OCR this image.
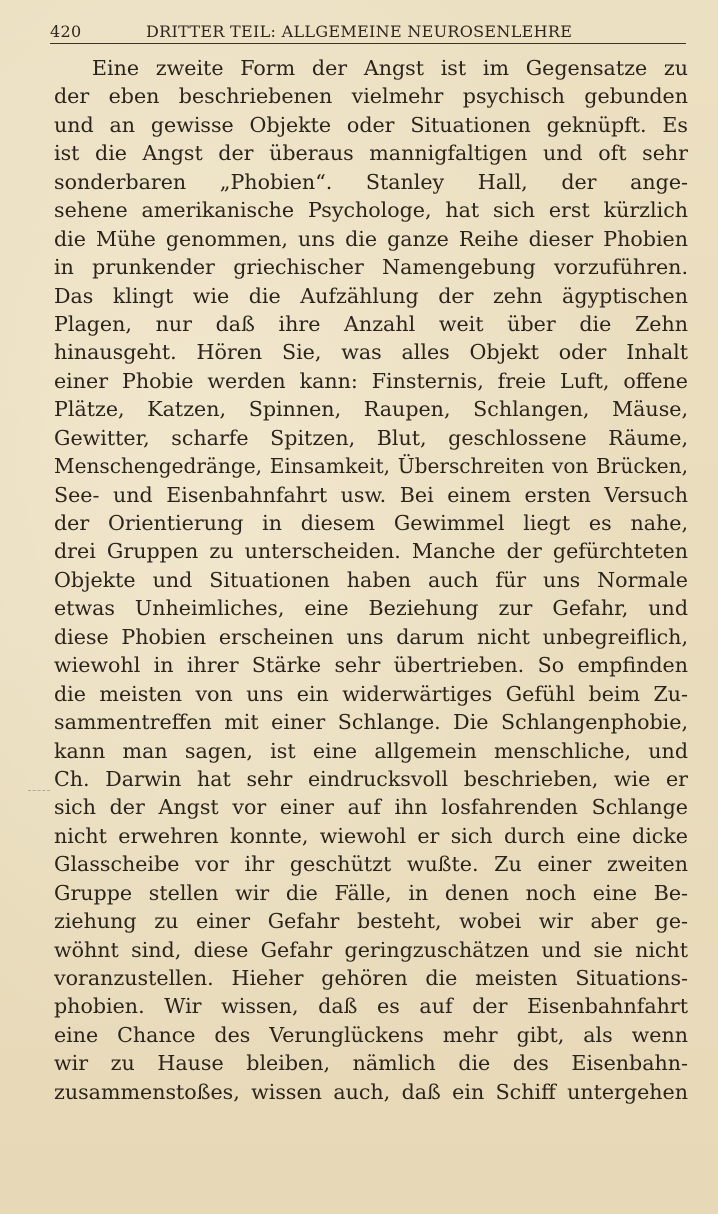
420	DRITTER TEIL: ALLGEMEINE NEUROSENLEHRE
Eine zweite Form der Angst ist im Gegensatze zu
der eben beschriebenen vielmehr psychisch gebunden
und an gewisse Objekte oder Situationen geknüpft. Es
ist die Angst der überaus mannigfaltigen und oft sehr
sonderbaren „Phobien“. Stanley Hall, der ange-
sehene amerikanische Psychologe, hat sich erst kürzlich
die Mühe genommen, uns die ganze Reihe dieser Phobien
in prunkender griechischer Namengebung vorzuführen.
Das klingt wie die Aufzählung der zehn ägyptischen
Plagen, nur daß ihre Anzahl weit über die Zehn
hinausgeht. Hören Sie, was alles Objekt oder Inhalt
einer Phobie werden kann: Finsternis, freie Luft, offene
Plätze, Katzen, Spinnen, Raupen, Schlangen, Mäuse,
Gewitter, scharfe Spitzen, Blut, geschlossene Räume,
Menschengedränge, Einsamkeit, Überschreiten von Brücken,
See- und Eisenbahnfahrt usw. Bei einem ersten Versuch
der Orientierung in diesem Gewimmel liegt es nahe,
drei Gruppen zu unterscheiden. Manche der gefürchteten
Objekte und Situationen haben auch für uns Normale
etwas Unheimliches, eine Beziehung zur Gefahr, und
diese Phobien erscheinen uns darum nicht unbegreiflich,
wiewohl in ihrer Stärke sehr übertrieben. So empfinden
die meisten von uns ein widerwärtiges Gefühl beim Zu-
sammentreffen mit einer Schlange. Die Schlangenphobie,
kann man sagen, ist eine allgemein menschliche, und
Ch. Darwin hat sehr eindrucksvoll beschrieben, wie er
sich der Angst vor einer auf ihn losfahrenden Schlange
nicht erwehren konnte, wiewohl er sich durch eine dicke
Glasscheibe vor ihr geschützt wußte. Zu einer zweiten
Gruppe stellen wir die Fälle, in denen noch eine Be-
ziehung zu einer Gefahr besteht, wobei wir aber ge-
wöhnt sind, diese Gefahr geringzuschätzen und sie nicht
voranzustellen. Hieher gehören die meisten Situations-
phobien. Wir wissen, daß es auf der Eisenbahnfahrt
eine Chance des Verunglückens mehr gibt, als wenn
wir zu Hause bleiben, nämlich die des Eisenbahn-
zusammenstoßes, wissen auch, daß ein Schiff untergehen
